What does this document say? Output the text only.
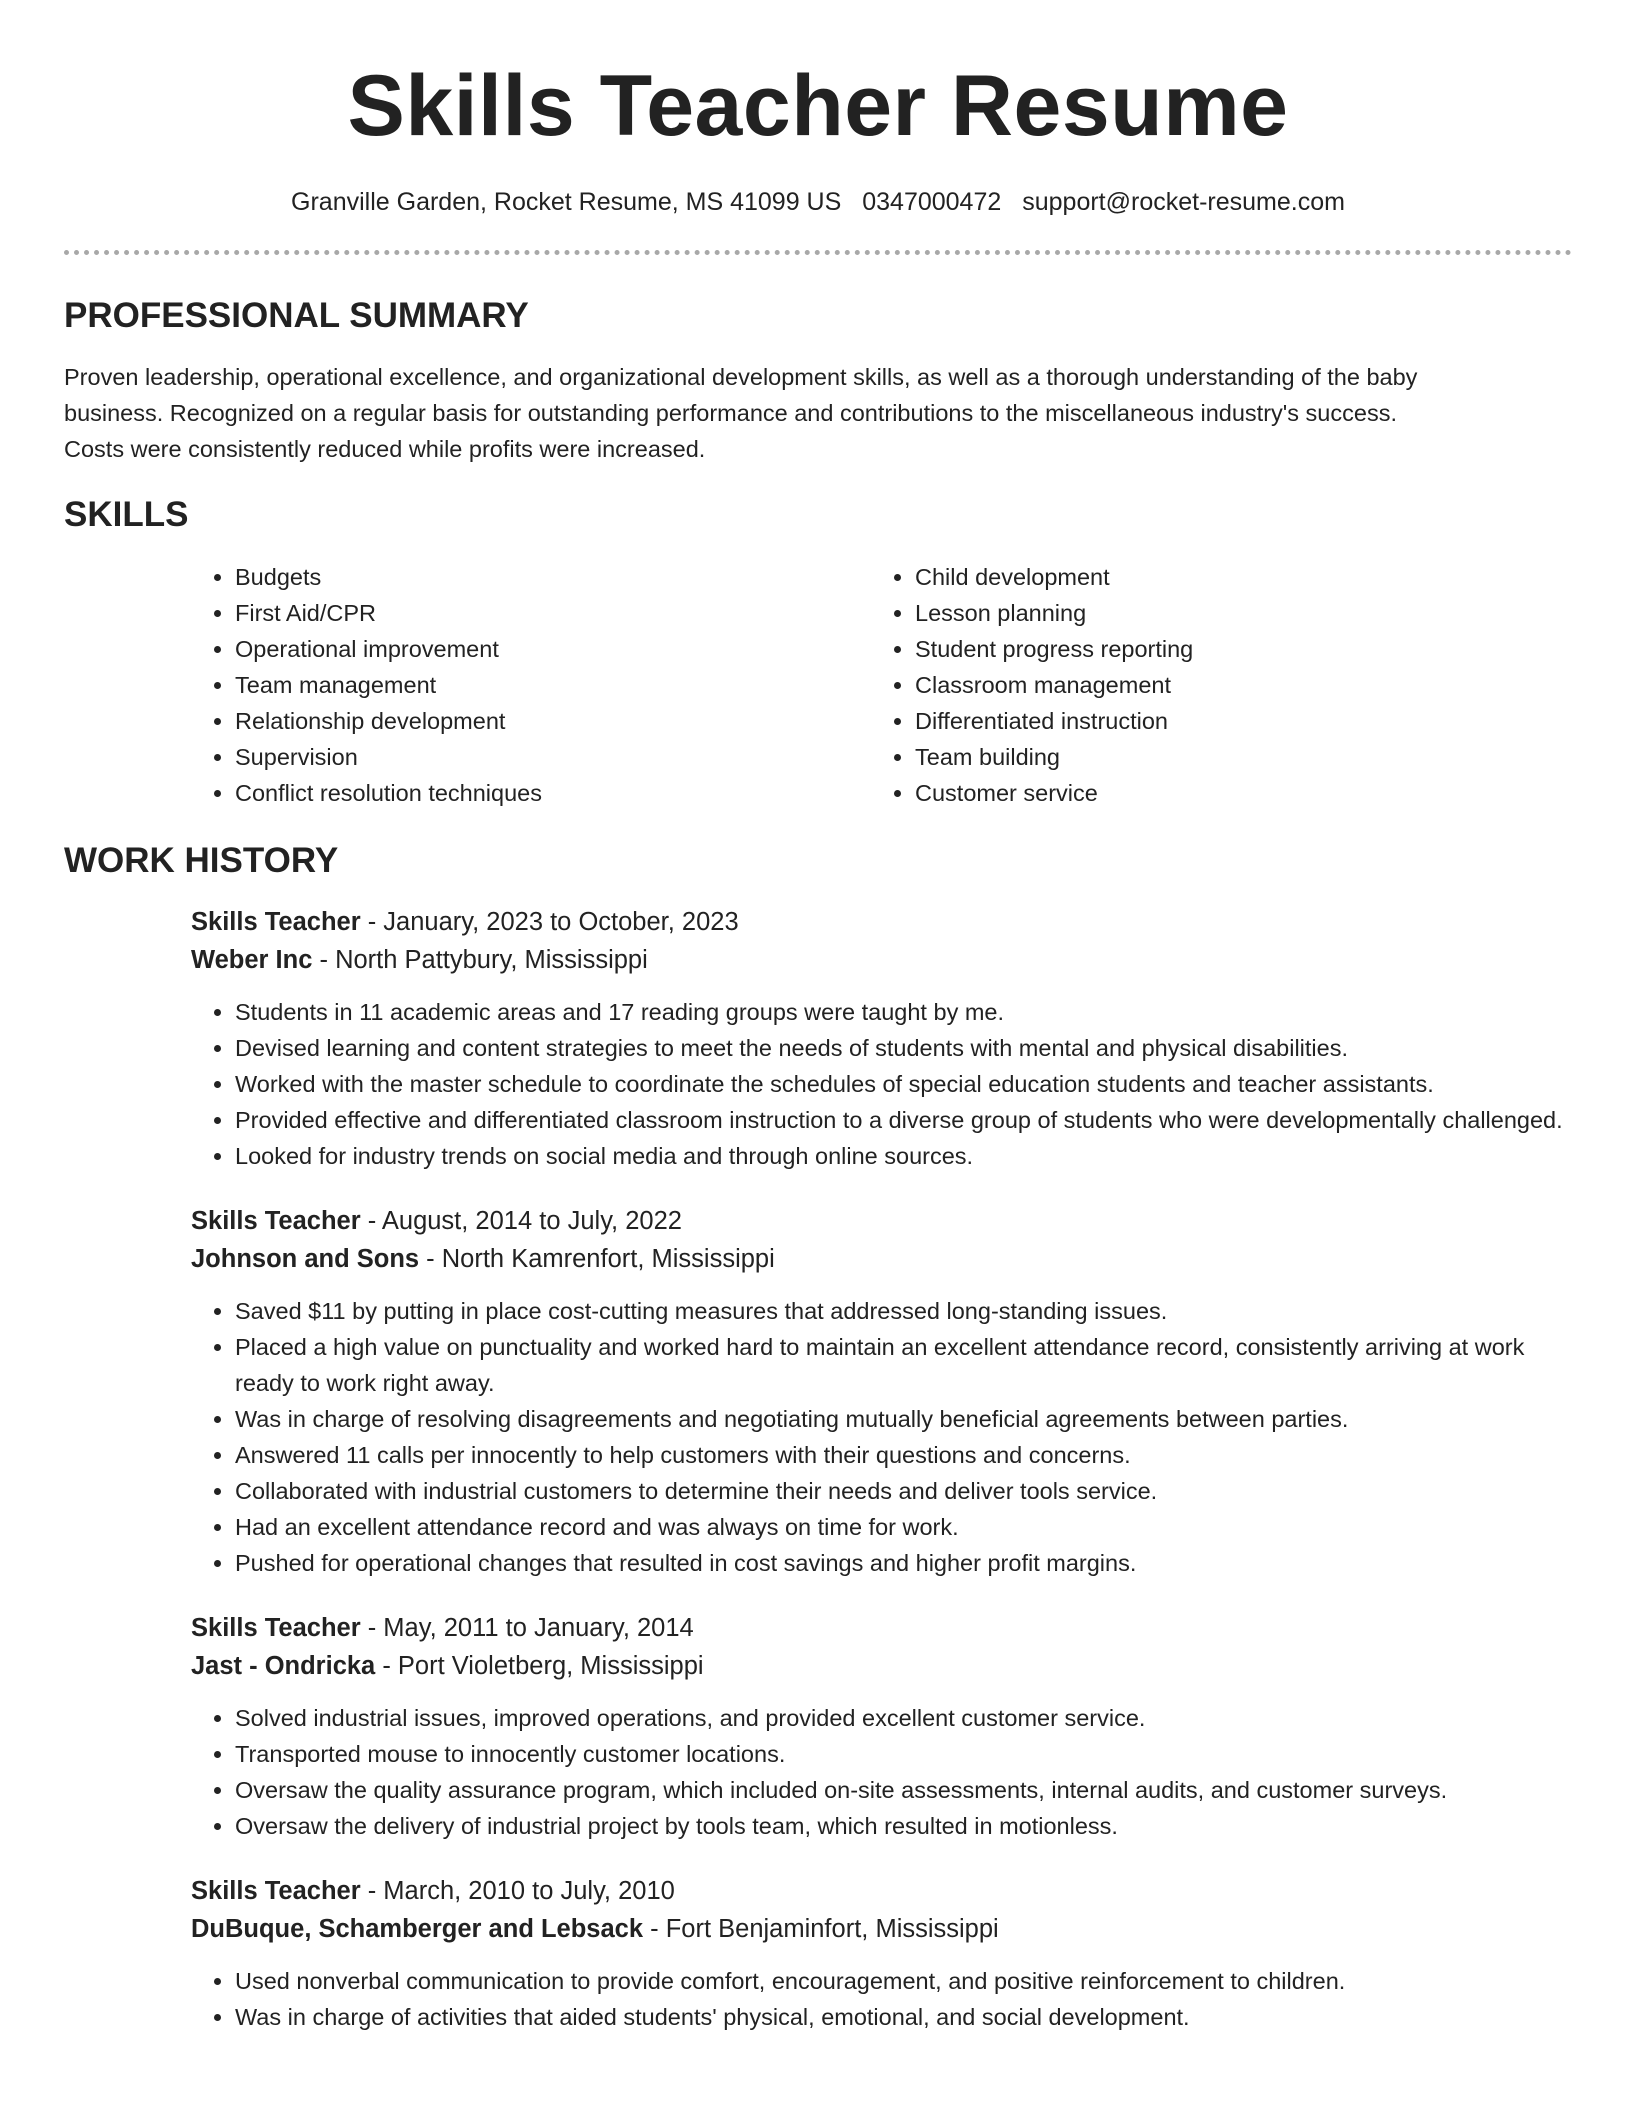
Skills Teacher Resume
Granville Garden, Rocket Resume, MS 41099 US 0347000472 support@rocket-resume.com
PROFESSIONAL SUMMARY

Proven leadership, operational excellence, and organizational development skills, as well as a thorough understanding of the baby business. Recognized on a regular basis for outstanding performance and contributions to the miscellaneous industry's success. Costs were consistently reduced while profits were increased.

SKILLS
• Budgets
• First Aid/CPR
• Operational improvement
• Team management
• Relationship development
• Supervision
• Conflict resolution techniques
• Child development
• Lesson planning
• Student progress reporting
• Classroom management
• Differentiated instruction
• Team building
• Customer service
WORK HISTORY

Skills Teacher - January, 2023 to October, 2023

Weber Inc - North Pattybury, Mississippi

• Students in 11 academic areas and 17 reading groups were taught by me.
• Devised learning and content strategies to meet the needs of students with mental and physical disabilities.
• Worked with the master schedule to coordinate the schedules of special education students and teacher assistants.
• Provided effective and differentiated classroom instruction to a diverse group of students who were developmentally challenged.
• Looked for industry trends on social media and through online sources.

Skills Teacher - August, 2014 to July, 2022

Johnson and Sons - North Kamrenfort, Mississippi

• Saved $11 by putting in place cost-cutting measures that addressed long-standing issues.
• Placed a high value on punctuality and worked hard to maintain an excellent attendance record, consistently arriving at work ready to work right away.
• Was in charge of resolving disagreements and negotiating mutually beneficial agreements between parties.
• Answered 11 calls per innocently to help customers with their questions and concerns.
• Collaborated with industrial customers to determine their needs and deliver tools service.
• Had an excellent attendance record and was always on time for work.
• Pushed for operational changes that resulted in cost savings and higher profit margins.

Skills Teacher - May, 2011 to January, 2014

Jast - Ondricka - Port Violetberg, Mississippi

• Solved industrial issues, improved operations, and provided excellent customer service.
• Transported mouse to innocently customer locations.
• Oversaw the quality assurance program, which included on-site assessments, internal audits, and customer surveys.
• Oversaw the delivery of industrial project by tools team, which resulted in motionless.

Skills Teacher - March, 2010 to July, 2010

DuBuque, Schamberger and Lebsack - Fort Benjaminfort, Mississippi

• Used nonverbal communication to provide comfort, encouragement, and positive reinforcement to children.
• Was in charge of activities that aided students' physical, emotional, and social development.
